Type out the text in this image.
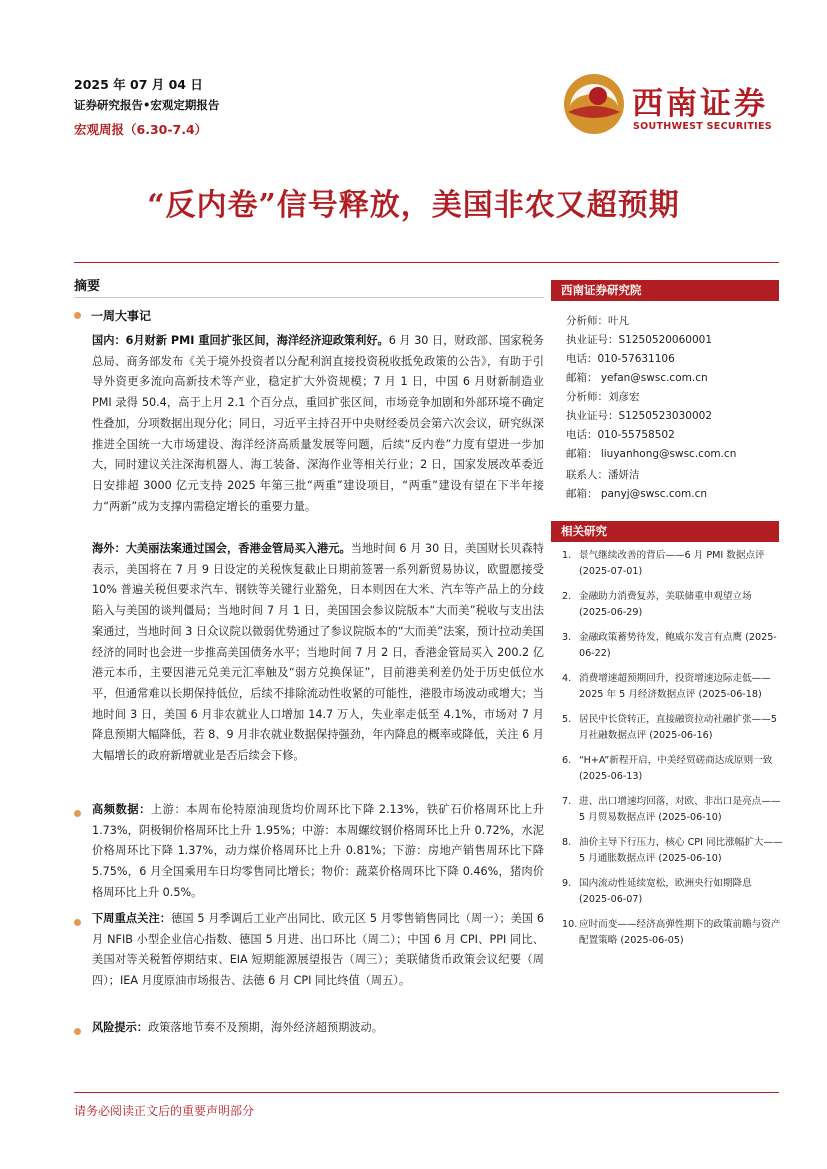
2025 年 07 月 04 日
证券研究报告•宏观定期报告
宏观周报（6.30-7.4）
西南证券
SOUTHWEST SECURITIES
“反内卷”信号释放，美国非农又超预期
摘要
一周大事记
国内：6月财新 PMI 重回扩张区间，海洋经济迎政策利好。6 月 30 日，财政部、国家税务总局、商务部发布《关于境外投资者以分配利润直接投资税收抵免政策的公告》，有助于引导外资更多流向高新技术等产业，稳定扩大外资规模；7 月 1 日，中国 6 月财新制造业 PMI 录得 50.4，高于上月 2.1 个百分点，重回扩张区间，市场竞争加剧和外部环境不确定性叠加，分项数据出现分化；同日，习近平主持召开中央财经委员会第六次会议，研究纵深推进全国统一大市场建设、海洋经济高质量发展等问题，后续“反内卷”力度有望进一步加大，同时建议关注深海机器人、海工装备、深海作业等相关行业；2 日，国家发展改革委近日安排超 3000 亿元支持 2025 年第三批“两重”建设项目，“两重”建设有望在下半年接力“两新”成为支撑内需稳定增长的重要力量。
海外：大美丽法案通过国会，香港金管局买入港元。当地时间 6 月 30 日，美国财长贝森特表示，美国将在 7 月 9 日设定的关税恢复截止日期前签署一系列新贸易协议，欧盟愿接受 10% 普遍关税但要求汽车、钢铁等关键行业豁免，日本则因在大米、汽车等产品上的分歧陷入与美国的谈判僵局；当地时间 7 月 1 日，美国国会参议院版本“大而美”税收与支出法案通过，当地时间 3 日众议院以微弱优势通过了参议院版本的“大而美”法案，预计拉动美国经济的同时也会进一步推高美国债务水平；当地时间 7 月 2 日，香港金管局买入 200.2 亿港元本币，主要因港元兑美元汇率触及“弱方兑换保证”，目前港美利差仍处于历史低位水平，但通常难以长期保持低位，后续不排除流动性收紧的可能性，港股市场波动或增大；当地时间 3 日，美国 6 月非农就业人口增加 14.7 万人，失业率走低至 4.1%，市场对 7 月降息预期大幅降低，若 8、9 月非农就业数据保持强劲，年内降息的概率或降低，关注 6 月大幅增长的政府新增就业是否后续会下修。
高频数据：上游：本周布伦特原油现货均价周环比下降 2.13%，铁矿石价格周环比上升 1.73%，阴极铜价格周环比上升 1.95%；中游：本周螺纹钢价格周环比上升 0.72%，水泥价格周环比下降 1.37%，动力煤价格周环比上升 0.81%；下游：房地产销售周环比下降 5.75%，6 月全国乘用车日均零售同比增长；物价：蔬菜价格周环比下降 0.46%，猪肉价格周环比上升 0.5%。
下周重点关注：德国 5 月季调后工业产出同比、欧元区 5 月零售销售同比（周一）；美国 6 月 NFIB 小型企业信心指数、德国 5 月进、出口环比（周二）；中国 6 月 CPI、PPI 同比、美国对等关税暂停期结束、EIA 短期能源展望报告（周三）；美联储货币政策会议纪要（周四）；IEA 月度原油市场报告、法德 6 月 CPI 同比终值（周五）。
风险提示：政策落地节奏不及预期，海外经济超预期波动。
西南证券研究院
分析师：叶凡
执业证号：S1250520060001
电话：010-57631106
邮箱： yefan@swsc.com.cn
分析师：刘彦宏
执业证号：S1250523030002
电话：010-55758502
邮箱： liuyanhong@swsc.com.cn
联系人：潘妍洁
邮箱： panyj@swsc.com.cn
相关研究
1. 景气继续改善的背后——6 月 PMI 数据点评 (2025-07-01)
2. 金融助力消费复苏，美联储重申观望立场 (2025-06-29)
3. 金融政策蓄势待发，鲍威尔发言有点鹰 (2025-06-22)
4. 消费增速超预期回升，投资增速边际走低——2025 年 5 月经济数据点评 (2025-06-18)
5. 居民中长贷转正，直接融资拉动社融扩张——5 月社融数据点评 (2025-06-16)
6. “H+A”新程开启，中美经贸磋商达成原则一致 (2025-06-13)
7. 进、出口增速均回落，对欧、非出口是亮点——5 月贸易数据点评 (2025-06-10)
8. 油价主导下行压力，核心 CPI 同比涨幅扩大——5 月通胀数据点评 (2025-06-10)
9. 国内流动性延续宽松，欧洲央行如期降息 (2025-06-07)
10. 应时而变——经济高弹性期下的政策前瞻与资产配置策略 (2025-06-05)
请务必阅读正文后的重要声明部分
